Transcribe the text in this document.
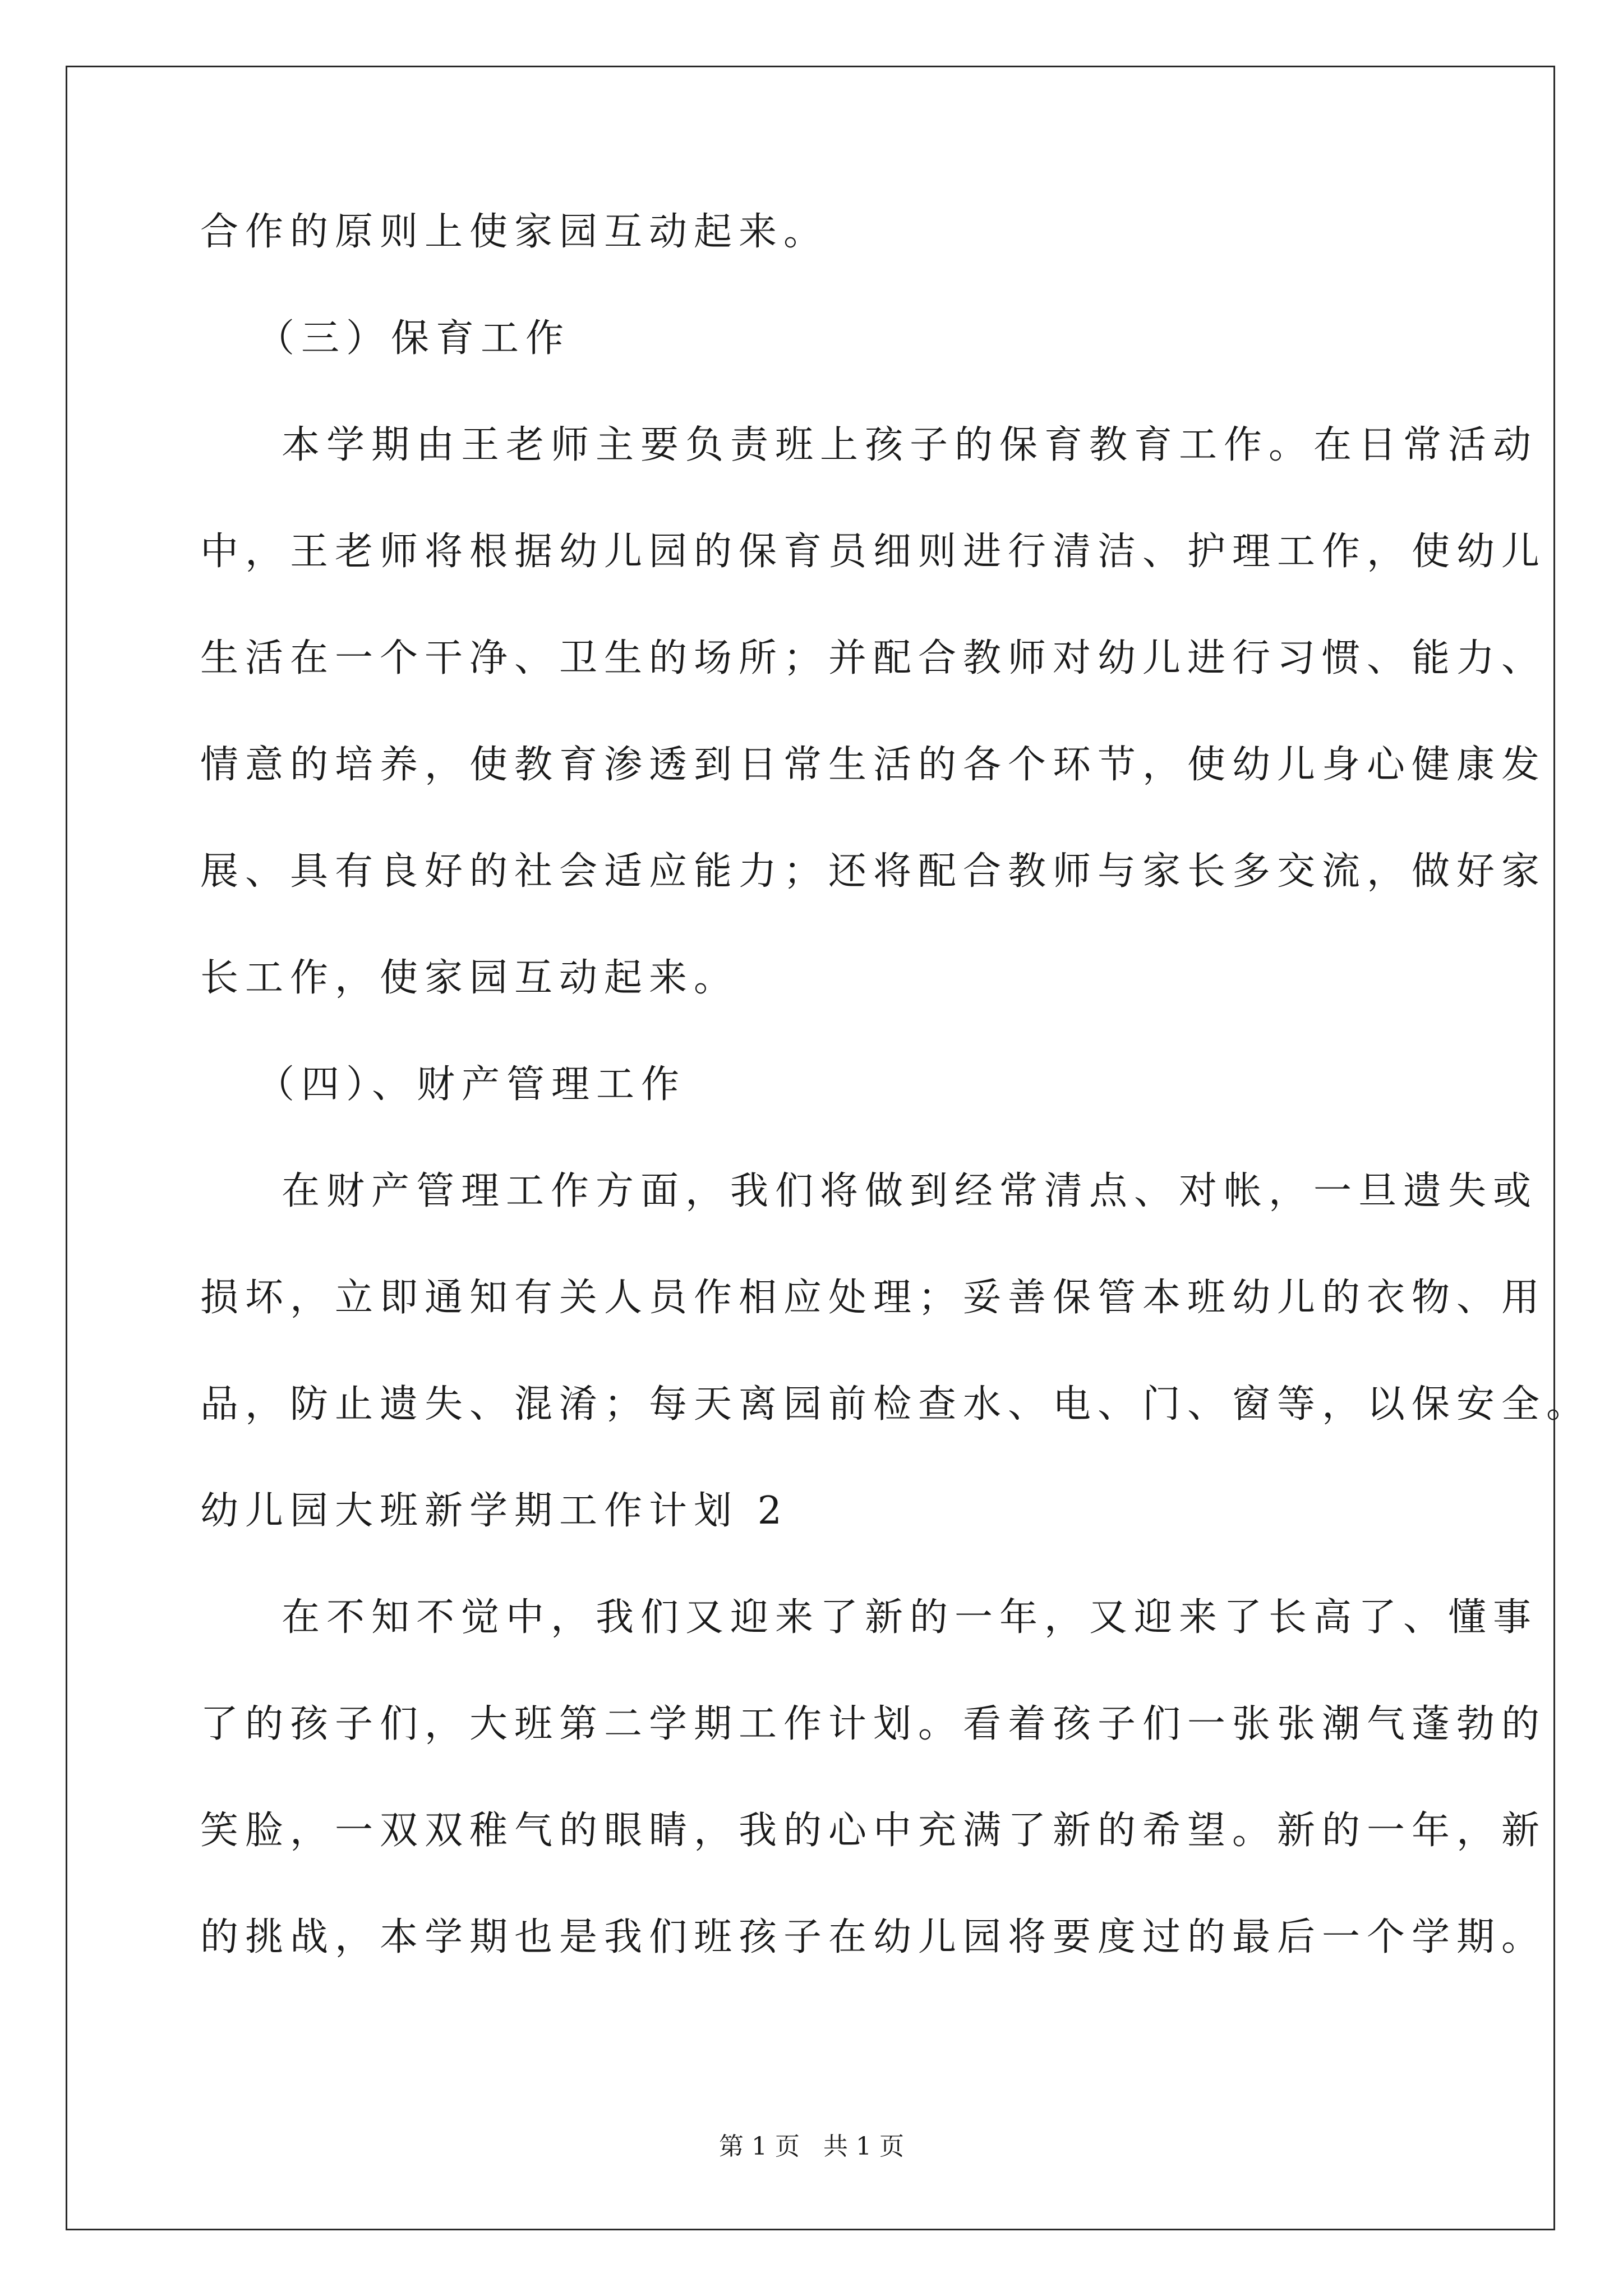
合作的原则上使家园互动起来。
（三）保育工作
本学期由王老师主要负责班上孩子的保育教育工作。在日常活动
中，王老师将根据幼儿园的保育员细则进行清洁、护理工作，使幼儿
生活在一个干净、卫生的场所；并配合教师对幼儿进行习惯、能力、
情意的培养，使教育渗透到日常生活的各个环节，使幼儿身心健康发
展、具有良好的社会适应能力；还将配合教师与家长多交流，做好家
长工作，使家园互动起来。
（四）、财产管理工作
在财产管理工作方面，我们将做到经常清点、对帐，一旦遗失或
损坏，立即通知有关人员作相应处理；妥善保管本班幼儿的衣物、用
品，防止遗失、混淆；每天离园前检查水、电、门、窗等，以保安全。
幼儿园大班新学期工作计划 2
在不知不觉中，我们又迎来了新的一年，又迎来了长高了、懂事
了的孩子们，大班第二学期工作计划。看着孩子们一张张潮气蓬勃的
笑脸，一双双稚气的眼睛，我的心中充满了新的希望。新的一年，新
的挑战，本学期也是我们班孩子在幼儿园将要度过的最后一个学期。
第 1 页   共 1 页
